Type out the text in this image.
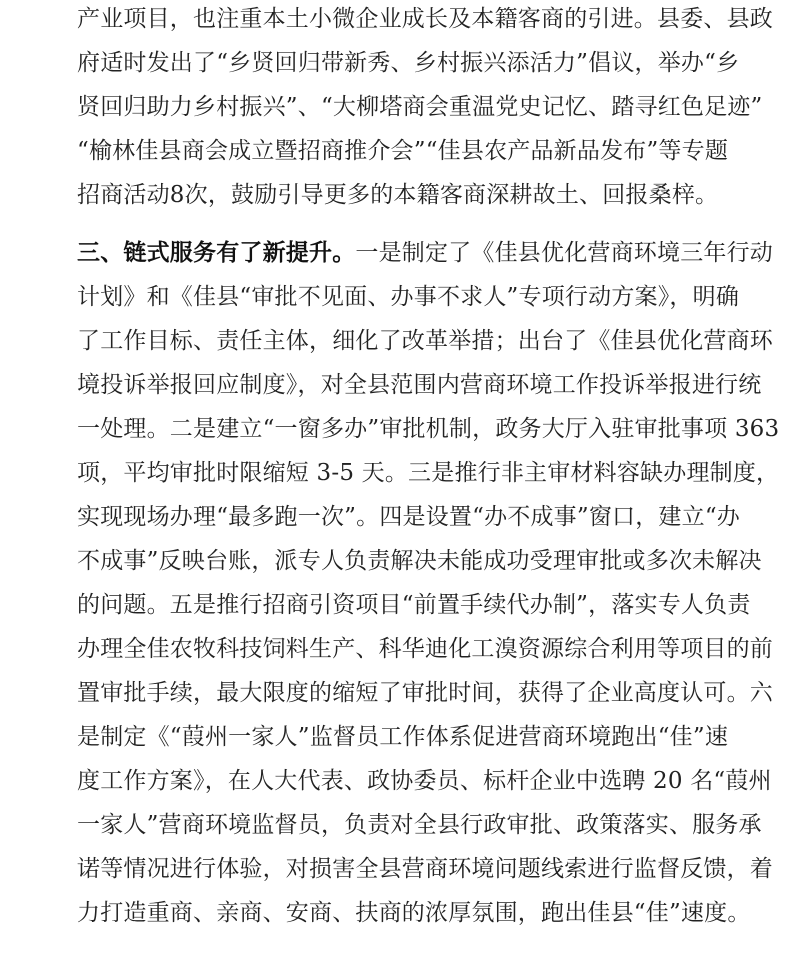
产业项目，也注重本土小微企业成长及本籍客商的引进。县委、县政
府适时发出了“乡贤回归带新秀、乡村振兴添活力”倡议，举办“乡
贤回归助力乡村振兴”、“大柳塔商会重温党史记忆、踏寻红色足迹”
“榆林佳县商会成立暨招商推介会”“佳县农产品新品发布”等专题
招商活动8次，鼓励引导更多的本籍客商深耕故土、回报桑梓。
三、链式服务有了新提升。一是制定了《佳县优化营商环境三年行动
计划》和《佳县“审批不见面、办事不求人”专项行动方案》，明确
了工作目标、责任主体，细化了改革举措；出台了《佳县优化营商环
境投诉举报回应制度》，对全县范围内营商环境工作投诉举报进行统
一处理。二是建立“一窗多办”审批机制，政务大厅入驻审批事项 363
项，平均审批时限缩短 3-5 天。三是推行非主审材料容缺办理制度，
实现现场办理“最多跑一次”。四是设置“办不成事”窗口，建立“办
不成事”反映台账，派专人负责解决未能成功受理审批或多次未解决
的问题。五是推行招商引资项目“前置手续代办制”，落实专人负责
办理全佳农牧科技饲料生产、科华迪化工溴资源综合利用等项目的前
置审批手续，最大限度的缩短了审批时间，获得了企业高度认可。六
是制定《“葭州一家人”监督员工作体系促进营商环境跑出“佳”速
度工作方案》，在人大代表、政协委员、标杆企业中选聘 20 名“葭州
一家人”营商环境监督员，负责对全县行政审批、政策落实、服务承
诺等情况进行体验，对损害全县营商环境问题线索进行监督反馈，着
力打造重商、亲商、安商、扶商的浓厚氛围，跑出佳县“佳”速度。
